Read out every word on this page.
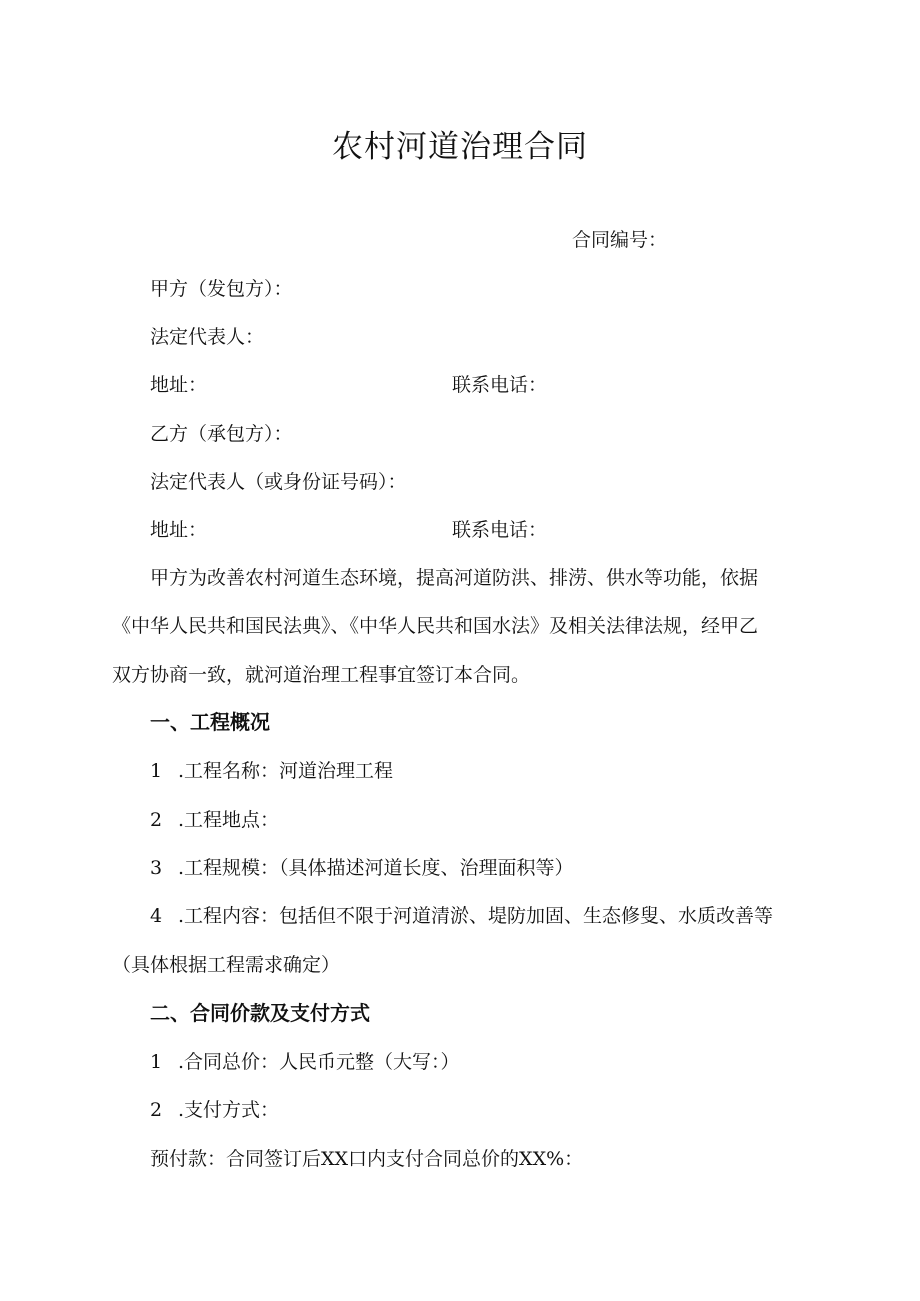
农村河道治理合同
合同编号：
甲方（发包方）：
法定代表人：
地址：	联系电话：
乙方（承包方）：
法定代表人（或身份证号码）：
地址：	联系电话：
甲方为改善农村河道生态环境，提高河道防洪、排涝、供水等功能，依据
《中华人民共和国民法典》、《中华人民共和国水法》及相关法律法规，经甲乙
双方协商一致，就河道治理工程事宜签订本合同。
一、工程概况
1 .工程名称：河道治理工程
2 .工程地点：
3 .工程规模：（具体描述河道长度、治理面积等）
4 .工程内容：包括但不限于河道清淤、堤防加固、生态修叟、水质改善等
（具体根据工程需求确定）
二、合同价款及支付方式
1 .合同总价：人民币元整（大写：）
2 .支付方式：
预付款：合同签订后XX口内支付合同总价的XX%：
